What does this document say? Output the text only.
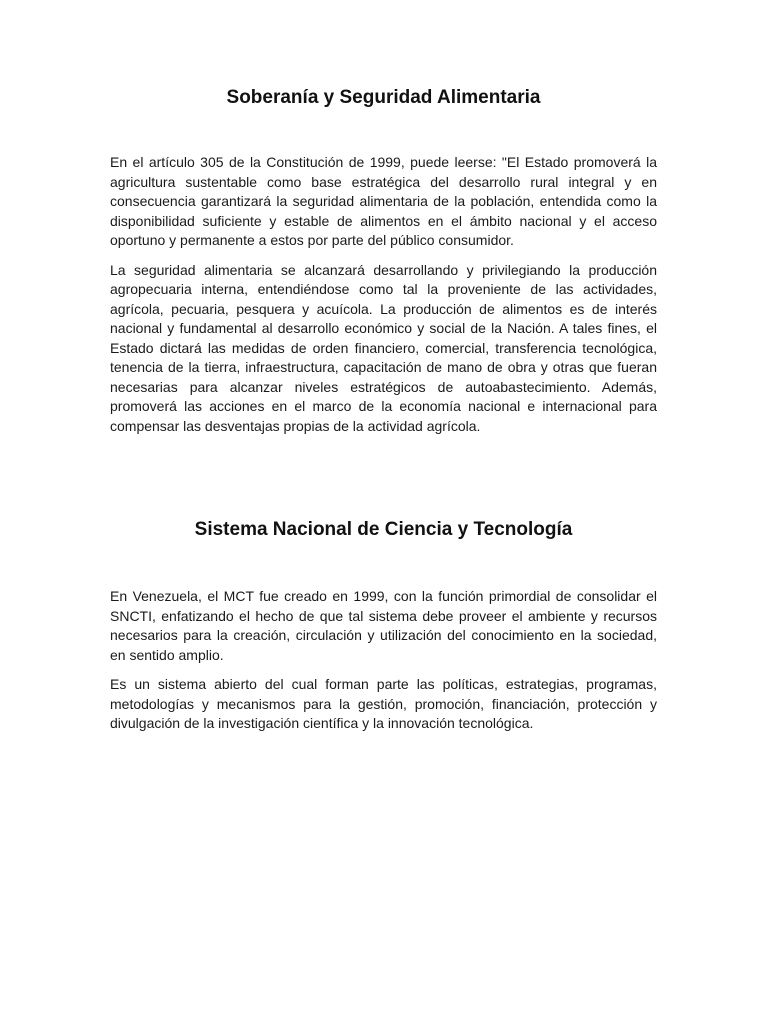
Soberanía y Seguridad Alimentaria

En el artículo 305 de la Constitución de 1999, puede leerse: "El Estado promoverá la agricultura sustentable como base estratégica del desarrollo rural integral y en consecuencia garantizará la seguridad alimentaria de la población, entendida como la disponibilidad suficiente y estable de alimentos en el ámbito nacional y el acceso oportuno y permanente a estos por parte del público consumidor.

La seguridad alimentaria se alcanzará desarrollando y privilegiando la producción agropecuaria interna, entendiéndose como tal la proveniente de las actividades, agrícola, pecuaria, pesquera y acuícola. La producción de alimentos es de interés nacional y fundamental al desarrollo económico y social de la Nación. A tales fines, el Estado dictará las medidas de orden financiero, comercial, transferencia tecnológica, tenencia de la tierra, infraestructura, capacitación de mano de obra y otras que fueran necesarias para alcanzar niveles estratégicos de autoabastecimiento. Además, promoverá las acciones en el marco de la economía nacional e internacional para compensar las desventajas propias de la actividad agrícola.

Sistema Nacional de Ciencia y Tecnología

En Venezuela, el MCT fue creado en 1999, con la función primordial de consolidar el SNCTI, enfatizando el hecho de que tal sistema debe proveer el ambiente y recursos necesarios para la creación, circulación y utilización del conocimiento en la sociedad, en sentido amplio.

Es un sistema abierto del cual forman parte las políticas, estrategias, programas, metodologías y mecanismos para la gestión, promoción, financiación, protección y divulgación de la investigación científica y la innovación tecnológica.
